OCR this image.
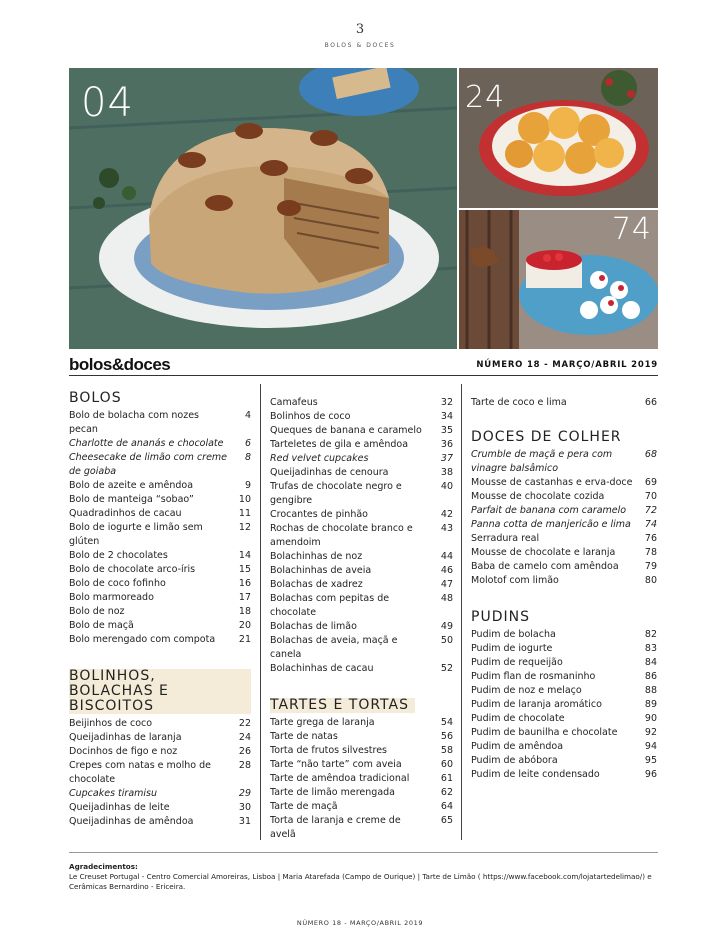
3
BOLOS & DOCES
04	24
74
bolos&doces	NÚMERO 18 - MARÇO/ABRIL 2019
BOLOS
Bolo de bolacha com nozes pecan
4
Charlotte de ananás e chocolate 6
Cheesecake de limão com creme de goiaba
8
Bolo de azeite e amêndoa	9
Bolo de manteiga “sobao”	10
Quadradinhos de cacau	11
Bolo de iogurte e limão sem glúten
12
Bolo de 2 chocolates	14
Bolo de chocolate arco-íris	15
Bolo de coco fofinho	16
Bolo marmoreado	17
Bolo de noz	18
Bolo de maçã	20
Bolo merengado com compota 21
BOLINHOS, BOLACHAS E BISCOITOS
Beijinhos de coco	22
Queijadinhas de laranja	24
Docinhos de figo e noz	26
Crepes com natas e molho de chocolate
28
Cupcakes tiramisu	29
Queijadinhas de leite	30
Queijadinhas de amêndoa	31
Camafeus	32
Bolinhos de coco	34
Queques de banana e caramelo 35
Tarteletes de gila e amêndoa	36
Red velvet cupcakes	37
Queijadinhas de cenoura	38
Trufas de chocolate negro e gengibre
40
Crocantes de pinhão	42
Rochas de chocolate branco e amendoim
43
Bolachinhas de noz	44
Bolachinhas de aveia	46
Bolachas de xadrez	47
Bolachas com pepitas de chocolate
48
Bolachas de limão	49
Bolachas de aveia, maçã e canela
50
Bolachinhas de cacau	52
TARTES E TORTAS
Tarte grega de laranja	54
Tarte de natas	56
Torta de frutos silvestres	58
Tarte “não tarte” com aveia	60
Tarte de amêndoa tradicional	61
Tarte de limão merengada	62
Tarte de maçã	64
Torta de laranja e creme de avelã
65
Tarte de coco e lima	66
DOCES DE COLHER
Crumble de maçã e pera com vinagre balsâmico
68
Mousse de castanhas e erva-doce 69
Mousse de chocolate cozida	70
Parfait de banana com caramelo 72
Panna cotta de manjericão e lima 74
Serradura real	76
Mousse de chocolate e laranja	78
Baba de camelo com amêndoa	79
Molotof com limão	80
PUDINS
Pudim de bolacha	82
Pudim de iogurte	83
Pudim de requeijão	84
Pudim flan de rosmaninho	86
Pudim de noz e melaço	88
Pudim de laranja aromático	89
Pudim de chocolate	90
Pudim de baunilha e chocolate	92
Pudim de amêndoa	94
Pudim de abóbora	95
Pudim de leite condensado	96
Agradecimentos:
Le Creuset Portugal - Centro Comercial Amoreiras, Lisboa | Maria Atarefada (Campo de Ourique) | Tarte de Limão ( https://www.facebook.com/lojatartedelimao/) e Cerâmicas Bernardino - Ericeira.
NÚMERO 18 - MARÇO/ABRIL 2019
